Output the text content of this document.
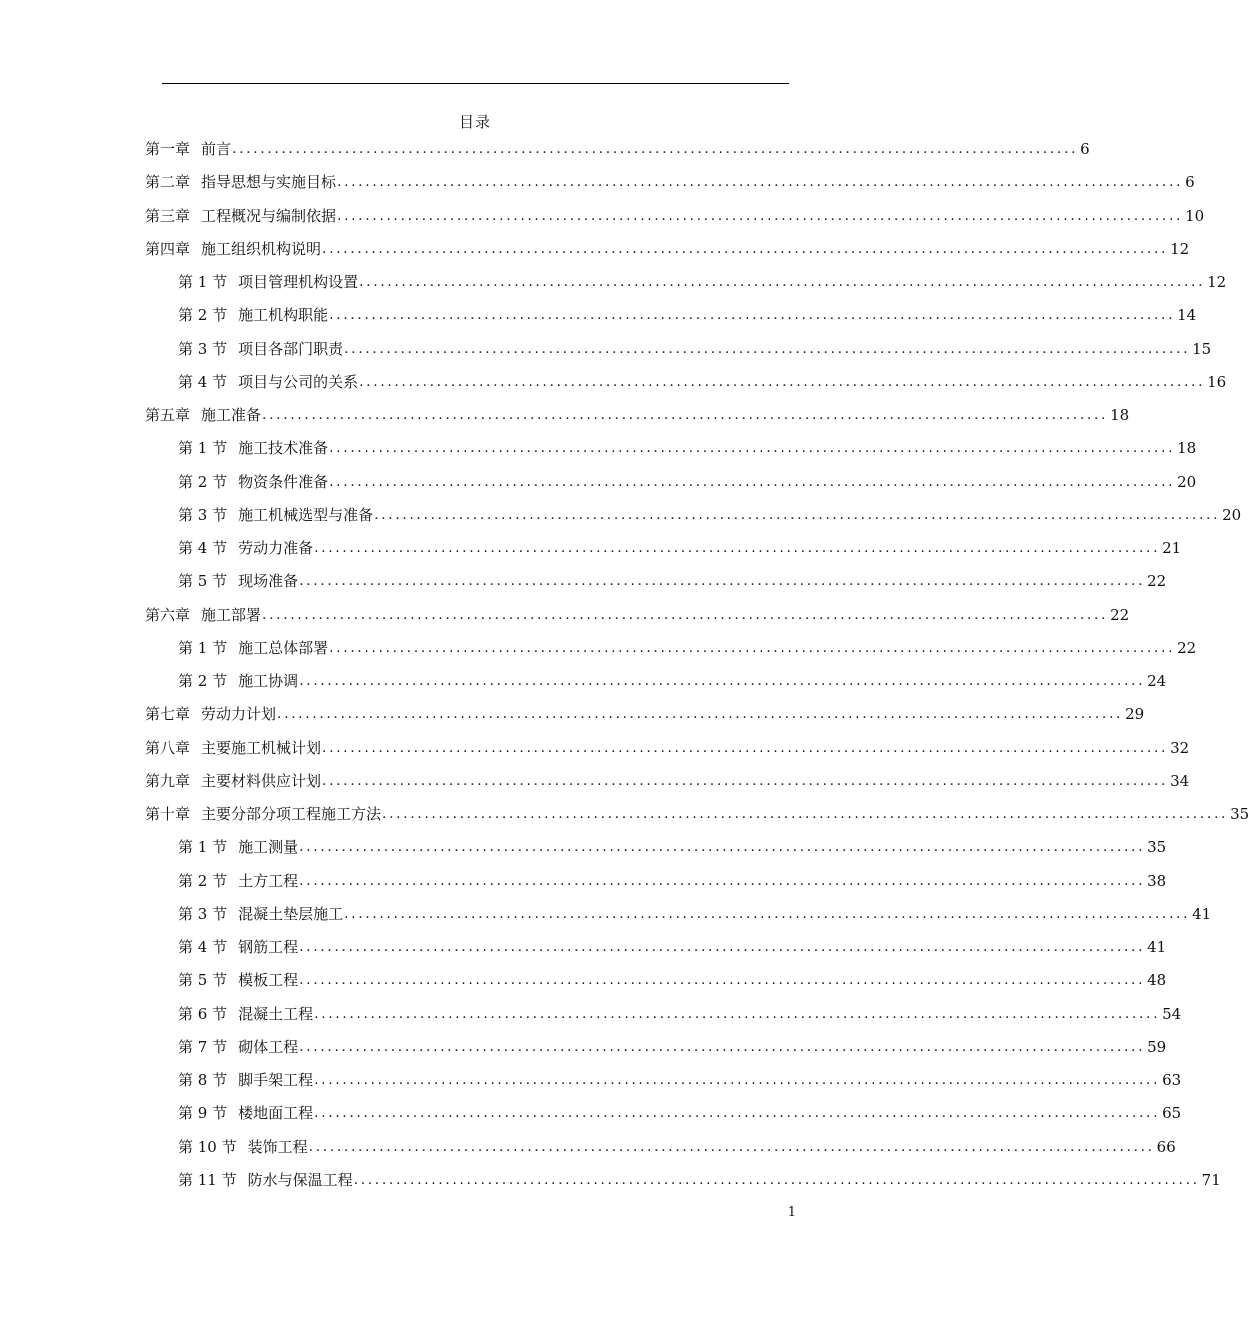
目录
第一章 前言 ........................................................................................................................ 6
第二章 指导思想与实施目标 ........................................................................................................................ 6
第三章 工程概况与编制依据 ........................................................................................................................ 10
第四章 施工组织机构说明 ........................................................................................................................ 12
第 1 节 项目管理机构设置 ........................................................................................................................ 12
第 2 节 施工机构职能 ........................................................................................................................ 14
第 3 节 项目各部门职责 ........................................................................................................................ 15
第 4 节 项目与公司的关系 ........................................................................................................................ 16
第五章 施工准备 ........................................................................................................................ 18
第 1 节 施工技术准备 ........................................................................................................................ 18
第 2 节 物资条件准备 ........................................................................................................................ 20
第 3 节 施工机械选型与准备 ........................................................................................................................ 20
第 4 节 劳动力准备 ........................................................................................................................ 21
第 5 节 现场准备 ........................................................................................................................ 22
第六章 施工部署 ........................................................................................................................ 22
第 1 节 施工总体部署 ........................................................................................................................ 22
第 2 节 施工协调 ........................................................................................................................ 24
第七章 劳动力计划 ........................................................................................................................ 29
第八章 主要施工机械计划 ........................................................................................................................ 32
第九章 主要材料供应计划 ........................................................................................................................ 34
第十章 主要分部分项工程施工方法 ........................................................................................................................ 35
第 1 节 施工测量 ........................................................................................................................ 35
第 2 节 土方工程 ........................................................................................................................ 38
第 3 节 混凝土垫层施工 ........................................................................................................................ 41
第 4 节 钢筋工程 ........................................................................................................................ 41
第 5 节 模板工程 ........................................................................................................................ 48
第 6 节 混凝土工程 ........................................................................................................................ 54
第 7 节 砌体工程 ........................................................................................................................ 59
第 8 节 脚手架工程 ........................................................................................................................ 63
第 9 节 楼地面工程 ........................................................................................................................ 65
第 10 节 装饰工程 ........................................................................................................................ 66
第 11 节 防水与保温工程 ........................................................................................................................ 71
1
